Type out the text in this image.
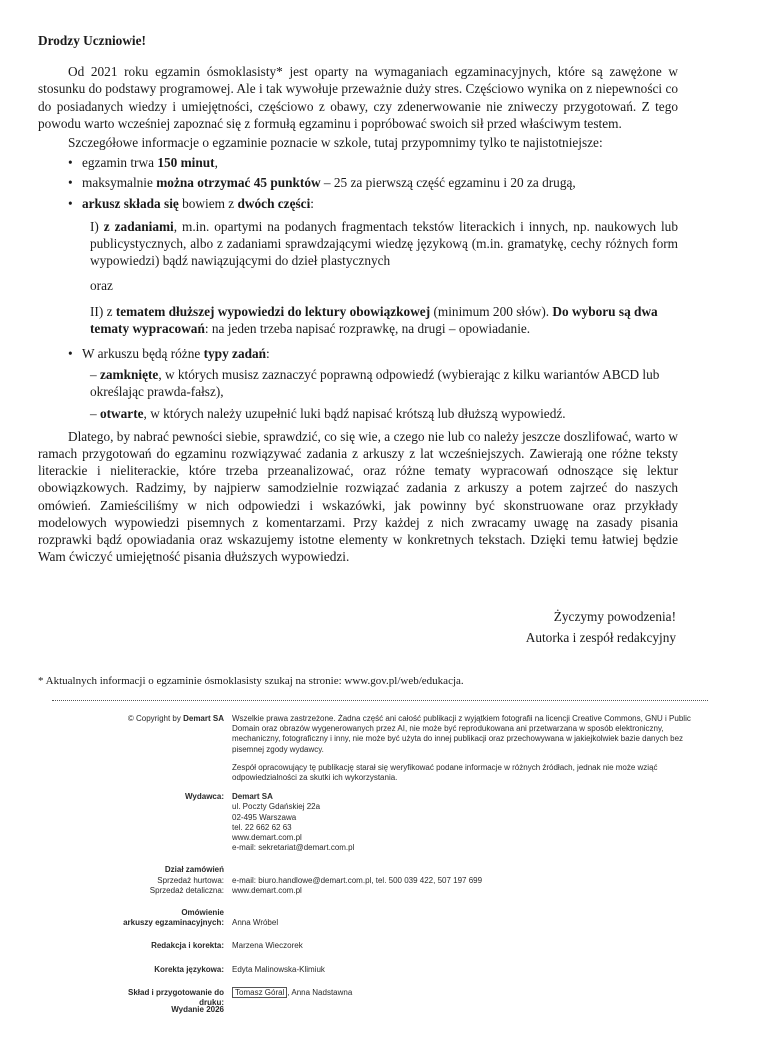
Drodzy Uczniowie!

Od 2021 roku egzamin ósmoklasisty* jest oparty na wymaganiach egzaminacyjnych, które są zawężone w stosunku do podstawy programowej. Ale i tak wywołuje przeważnie duży stres. Częściowo wynika on z niepewności co do posiadanych wiedzy i umiejętności, częściowo z obawy, czy zdenerwowanie nie zniweczy przygotowań. Z tego powodu warto wcześniej zapoznać się z formułą egzaminu i popróbować swoich sił przed właściwym testem.

Szczegółowe informacje o egzaminie poznacie w szkole, tutaj przypomnimy tylko te najistotniejsze:

• egzamin trwa 150 minut,
• maksymalnie można otrzymać 45 punktów – 25 za pierwszą część egzaminu i 20 za drugą,
• arkusz składa się bowiem z dwóch części:

I) z zadaniami, m.in. opartymi na podanych fragmentach tekstów literackich i innych, np. naukowych lub publicystycznych, albo z zadaniami sprawdzającymi wiedzę językową (m.in. gramatykę, cechy różnych form wypowiedzi) bądź nawiązującymi do dzieł plastycznych

oraz

II) z tematem dłuższej wypowiedzi do lektury obowiązkowej (minimum 200 słów). Do wyboru są dwa tematy wypracowań: na jeden trzeba napisać rozprawkę, na drugi – opowiadanie.

• W arkuszu będą różne typy zadań:

– zamknięte, w których musisz zaznaczyć poprawną odpowiedź (wybierając z kilku wariantów ABCD lub określając prawda-fałsz),

– otwarte, w których należy uzupełnić luki bądź napisać krótszą lub dłuższą wypowiedź.

Dlatego, by nabrać pewności siebie, sprawdzić, co się wie, a czego nie lub co należy jeszcze doszlifować, warto w ramach przygotowań do egzaminu rozwiązywać zadania z arkuszy z lat wcześniejszych. Zawierają one różne teksty literackie i nieliterackie, które trzeba przeanalizować, oraz różne tematy wypracowań odnoszące się lektur obowiązkowych. Radzimy, by najpierw samodzielnie rozwiązać zadania z arkuszy a potem zajrzeć do naszych omówień. Zamieściliśmy w nich odpowiedzi i wskazówki, jak powinny być skonstruowane oraz przykłady modelowych wypowiedzi pisemnych z komentarzami. Przy każdej z nich zwracamy uwagę na zasady pisania rozprawki bądź opowiadania oraz wskazujemy istotne elementy w konkretnych tekstach. Dzięki temu łatwiej będzie Wam ćwiczyć umiejętność pisania dłuższych wypowiedzi.

Życzymy powodzenia!
Autorka i zespół redakcyjny
* Aktualnych informacji o egzaminie ósmoklasisty szukaj na stronie: www.gov.pl/web/edukacja.
© Copyright by Demart SA	Wszelkie prawa zastrzeżone. Żadna część ani całość publikacji z wyjątkiem fotografii na licencji Creative Commons, GNU i Public Domain oraz obrazów wygenerowanych przez AI, nie może być reprodukowana ani przetwarzana w sposób elektroniczny, mechaniczny, fotograficzny i inny, nie może być użyta do innej publikacji oraz przechowywana w jakiejkolwiek bazie danych bez pisemnej zgody wydawcy.
Zespół opracowujący tę publikację starał się weryfikować podane informacje w różnych źródłach, jednak nie może wziąć odpowiedzialności za skutki ich wykorzystania.
Wydawca:	Demart SA
ul. Poczty Gdańskiej 22a
02-495 Warszawa
tel. 22 662 62 63
www.demart.com.pl
e-mail: sekretariat@demart.com.pl
Dział zamówień
Sprzedaż hurtowa:	e-mail: biuro.handlowe@demart.com.pl, tel. 500 039 422, 507 197 699
Sprzedaż detaliczna:	www.demart.com.pl
Omówienie
arkuszy egzaminacyjnych: Anna Wróbel
Redakcja i korekta:	Marzena Wieczorek
Korekta językowa:	Edyta Malinowska-Klimiuk
Skład i przygotowanie do druku:
Tomasz Góral , Anna Nadstawna
Wydanie 2026
